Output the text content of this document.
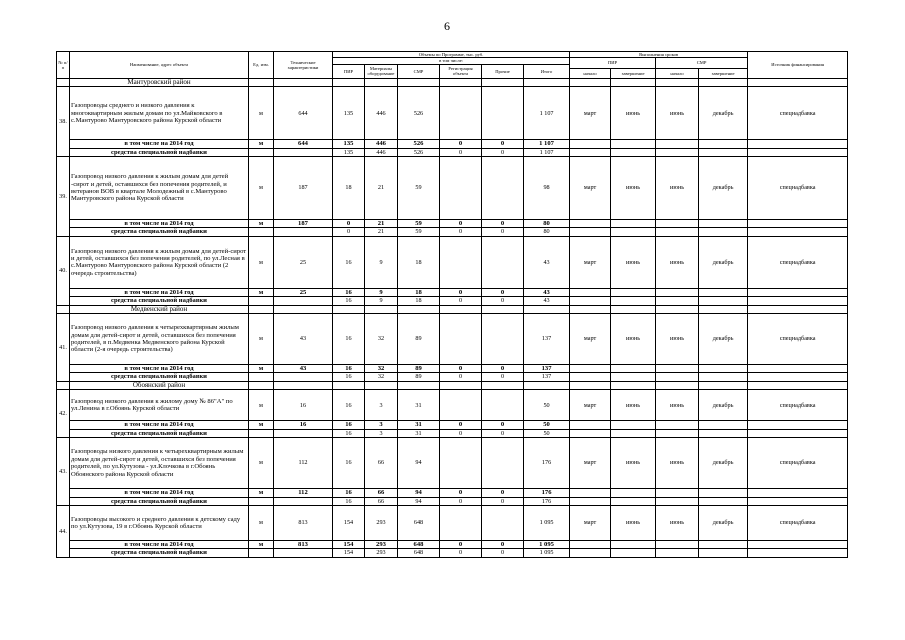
6
№ п/п	Наименование, адрес объекта	Ед. изм.	Технические характеристики	Объемы по Программе, тыс. руб.						Выполнения сроков				Источник финансирования
				в том числе:						ПИР		СМР		
				ПИР	Материалы оборудование	СМР	Регистрация объекта	Прочие	Итого					
										начало	завершение	начало	завершение	
	Мантуровский район													
38.	Газопроводы среднего и низкого давления к многоквартирным жилым домам по ул.Майковского в с.Мантурово Мантуровского района Курской области	м	644	135	446	526			1 107	март	июнь	июнь	декабрь	спецнадбавка
	в том числе на 2014 год	м	644	135	446	526	0	0	1 107					
	средства специальной надбавки			135	446	526	0	0	1 107					
39.	Газопровод низкого давления к жилым домам для детей -сирот и детей, оставшихся без попечения родителей, и ветеранов ВОВ в квартале Молодежный в с.Мантурово Мантуровского района Курской области	м	187	18	21	59			98	март	июнь	июнь	декабрь	спецнадбавка
	в том числе на 2014 год	м	187	0	21	59	0	0	80					
	средства специальной надбавки			0	21	59	0	0	80					
40.	Газопровод низкого давления к жилым домам для детей-сирот и детей, оставшихся без попечения родителей, по ул.Лесная в с.Мантурово Мантуровского района Курской области (2 очередь строительства)	м	25	16	9	18			43	март	июнь	июнь	декабрь	спецнадбавка
	в том числе на 2014 год	м	25	16	9	18	0	0	43					
	средства специальной надбавки			16	9	18	0	0	43					
	Медвенский район													
41.	Газопровод низкого давления к четырехквартирным жилым домам для детей-сирот и детей, оставшихся без попечения родителей, в п.Медвенка Медвенского района Курской области (2-я очередь строительства)	м	43	16	32	89			137	март	июнь	июнь	декабрь	спецнадбавка
	в том числе на 2014 год	м	43	16	32	89	0	0	137					
	средства специальной надбавки			16	32	89	0	0	137					
	Обоянский район													
42.	Газопровод низкого давления к жилому дому № 86"А" по ул.Ленина в г.Обоянь Курской области	м	16	16	3	31			50	март	июнь	июнь	декабрь	спецнадбавка
	в том числе на 2014 год	м	16	16	3	31	0	0	50					
	средства специальной надбавки			16	3	31	0	0	50					
43.	Газопроводы низкого давления к четырехквартирным жилым домам для детей-сирот и детей, оставшихся без попечения родителей, по ул.Кутузова - ул.Клочкова в г.Обоянь Обоянского района Курской области	м	112	16	66	94			176	март	июнь	июнь	декабрь	спецнадбавка
	в том числе на 2014 год	м	112	16	66	94	0	0	176					
	средства специальной надбавки			16	66	94	0	0	176					
44.	Газопроводы высокого и среднего давления к детскому саду по ул.Кутузова, 19 в г.Обоянь Курской области	м	813	154	293	648			1 095	март	июнь	июнь	декабрь	спецнадбавка
	в том числе на 2014 год	м	813	154	293	648	0	0	1 095					
	средства специальной надбавки			154	293	648	0	0	1 095					
